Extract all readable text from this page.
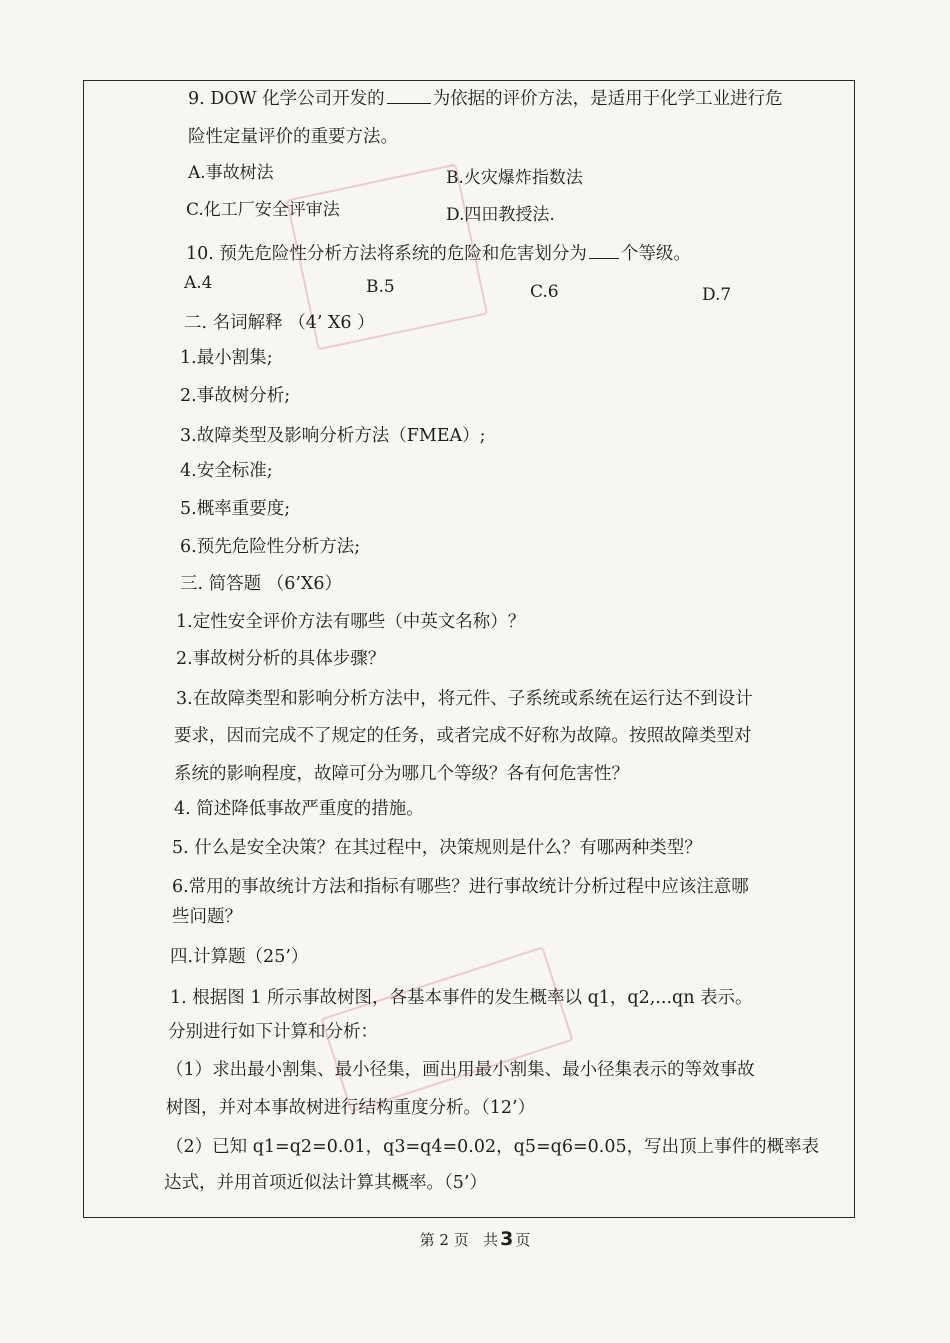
9. DOW 化学公司开发的	为依据的评价方法，是适用于化学工业进行危
险性定量评价的重要方法。
A.事故树法	B.火灾爆炸指数法
C.化工厂安全评审法	D.四田教授法.
10. 预先危险性分析方法将系统的危险和危害划分为 个等级。
A.4	B.5	C.6	D.7
二. 名词解释 （4’ X6 ）
1.最小割集;
2.事故树分析;
3.故障类型及影响分析方法（FMEA）;
4.安全标准;
5.概率重要度;
6.预先危险性分析方法;
三. 简答题 （6’X6）
1.定性安全评价方法有哪些（中英文名称）？
2.事故树分析的具体步骤？
3.在故障类型和影响分析方法中，将元件、子系统或系统在运行达不到设计
要求，因而完成不了规定的任务，或者完成不好称为故障。按照故障类型对
系统的影响程度，故障可分为哪几个等级？各有何危害性？
4. 简述降低事故严重度的措施。
5. 什么是安全决策？在其过程中，决策规则是什么？有哪两种类型？
6.常用的事故统计方法和指标有哪些？进行事故统计分析过程中应该注意哪
些问题？
四.计算题（25’）
1. 根据图 1 所示事故树图，各基本事件的发生概率以 q1，q2,...qn 表示。
分别进行如下计算和分析：
（1）求出最小割集、最小径集，画出用最小割集、最小径集表示的等效事故
树图，并对本事故树进行结构重度分析。（12’）
（2）已知 q1=q2=0.01，q3=q4=0.02，q5=q6=0.05，写出顶上事件的概率表
达式，并用首项近似法计算其概率。（5’）
第 2 页 共 3 页
